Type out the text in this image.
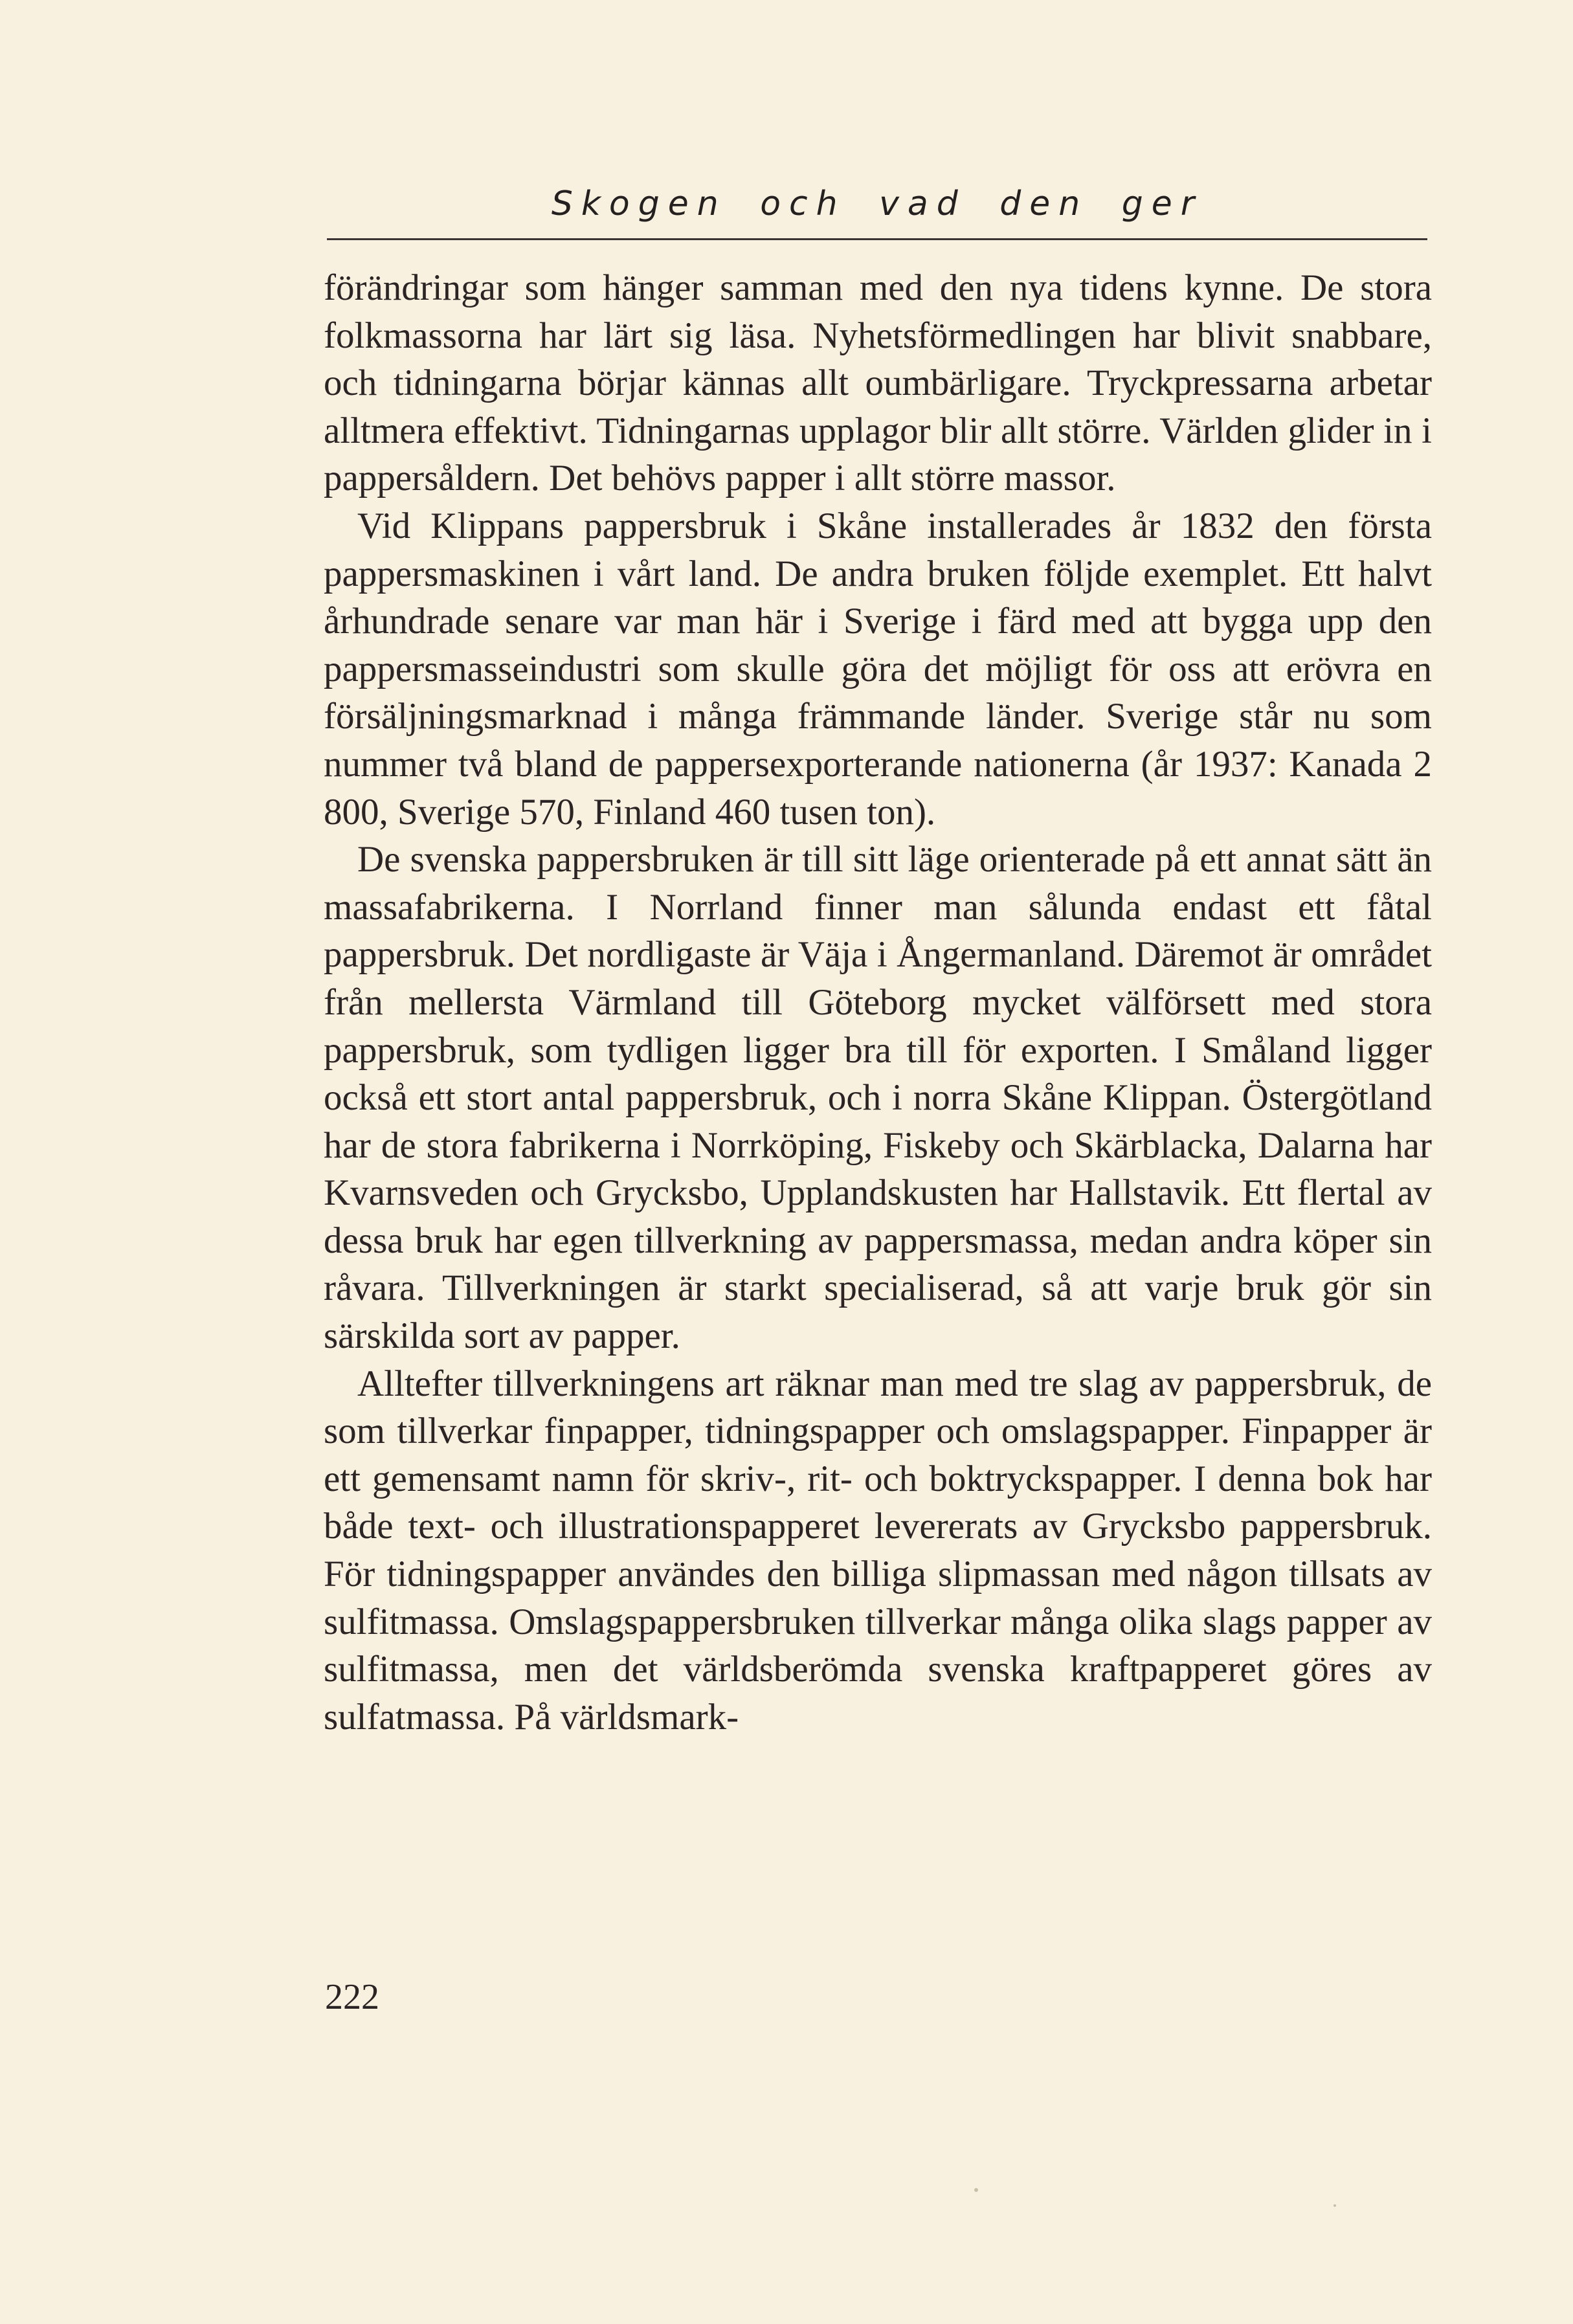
Skogen och vad den ger

förändringar som hänger samman med den nya tidens kynne. De stora folkmassorna har lärt sig läsa. Nyhetsförmedlingen har blivit snabbare, och tidningarna börjar kännas allt oumbärligare. Tryckpressarna arbetar alltmera effektivt. Tidningarnas upplagor blir allt större. Världen glider in i pappersåldern. Det behövs papper i allt större massor.

Vid Klippans pappersbruk i Skåne installerades år 1832 den första pappersmaskinen i vårt land. De andra bruken följde exemplet. Ett halvt århundrade senare var man här i Sverige i färd med att bygga upp den pappersmasseindustri som skulle göra det möjligt för oss att erövra en försäljningsmarknad i många främmande länder. Sverige står nu som nummer två bland de pappersexporterande nationerna (år 1937: Kanada 2 800, Sverige 570, Finland 460 tusen ton).

De svenska pappersbruken är till sitt läge orienterade på ett annat sätt än massafabrikerna. I Norrland finner man sålunda endast ett fåtal pappersbruk. Det nordligaste är Väja i Ångermanland. Däremot är området från mellersta Värmland till Göteborg mycket välförsett med stora pappersbruk, som tydligen ligger bra till för exporten. I Småland ligger också ett stort antal pappersbruk, och i norra Skåne Klippan. Östergötland har de stora fabrikerna i Norrköping, Fiskeby och Skärblacka, Dalarna har Kvarnsveden och Grycksbo, Upplandskusten har Hallstavik. Ett flertal av dessa bruk har egen tillverkning av pappersmassa, medan andra köper sin råvara. Tillverkningen är starkt specialiserad, så att varje bruk gör sin särskilda sort av papper.

Alltefter tillverkningens art räknar man med tre slag av pappersbruk, de som tillverkar finpapper, tidningspapper och omslagspapper. Finpapper är ett gemensamt namn för skriv-, rit- och boktryckspapper. I denna bok har både text- och illustrationspapperet levererats av Grycksbo pappersbruk. För tidningspapper användes den billiga slipmassan med någon tillsats av sulfitmassa. Omslagspappersbruken tillverkar många olika slags papper av sulfitmassa, men det världsberömda svenska kraftpapperet göres av sulfatmassa. På världsmark-

222
